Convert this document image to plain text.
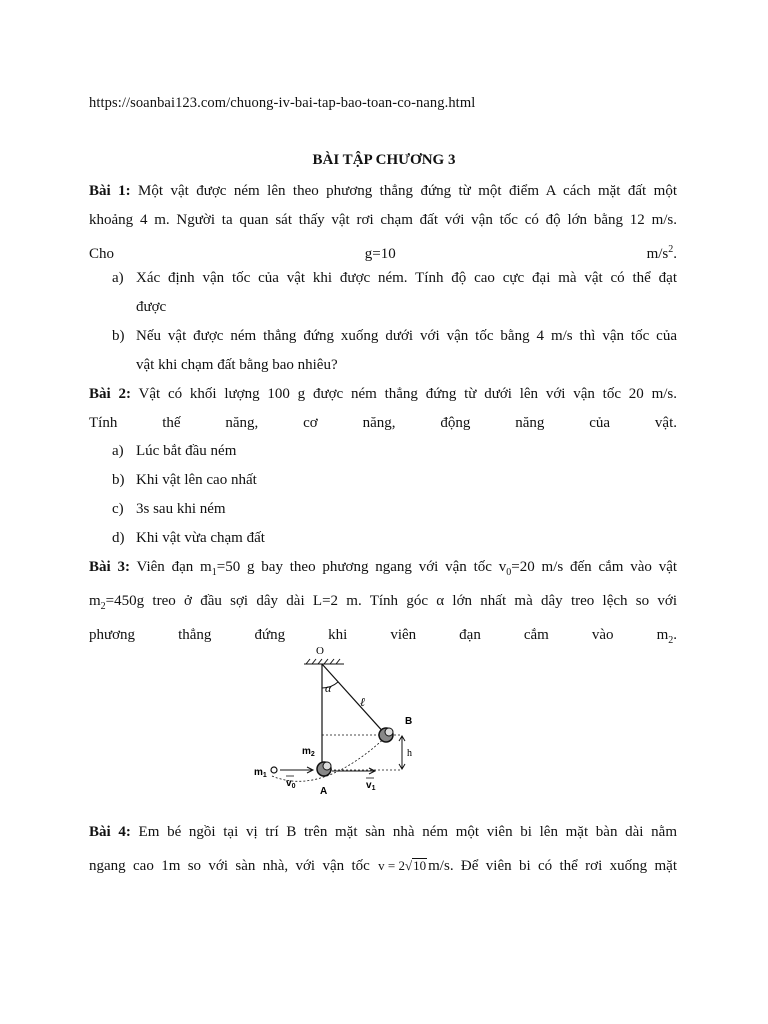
https://soanbai123.com/chuong-iv-bai-tap-bao-toan-co-nang.html
BÀI TẬP CHƯƠNG 3
Bài 1: Một vật được ném lên theo phương thẳng đứng từ một điểm A cách mặt đất một
khoảng 4 m. Người ta quan sát thấy vật rơi chạm đất với vận tốc có độ lớn bằng 12 m/s.
Cho g=10 $m/s^2$.
a) Xác định vận tốc của vật khi được ném. Tính độ cao cực đại mà vật có thể đạt
được
b) Nếu vật được ném thẳng đứng xuống dưới với vận tốc bằng 4 m/s thì vận tốc của
vật khi chạm đất bằng bao nhiêu?
Bài 2: Vật có khối lượng 100 g được ném thẳng đứng từ dưới lên với vận tốc 20 m/s.
Tính thế năng, cơ năng, động năng của vật.
a) Lúc bắt đầu ném
b) Khi vật lên cao nhất
c) 3s sau khi ném
d) Khi vật vừa chạm đất
Bài 3: Viên đạn $m_1=50$ g bay theo phương ngang với vận tốc $v_0=20$ m/s đến cắm vào vật
$m_2=450g$ treo ở đầu sợi dây dài L=2 m. Tính góc α lớn nhất mà dây treo lệch so với
phương thẳng đứng khi viên đạn cắm vào $m_2$.
O
α
ℓ
h
B
$m_2$
A
$m_1$
$v_0$	$v_1$
Bài 4: Em bé ngồi tại vị trí B trên mặt sàn nhà ném một viên bi lên mặt bàn dài nằm
ngang cao 1m so với sàn nhà, với vận tốc v = 2√10 m/s. Để viên bi có thể rơi xuống mặt
